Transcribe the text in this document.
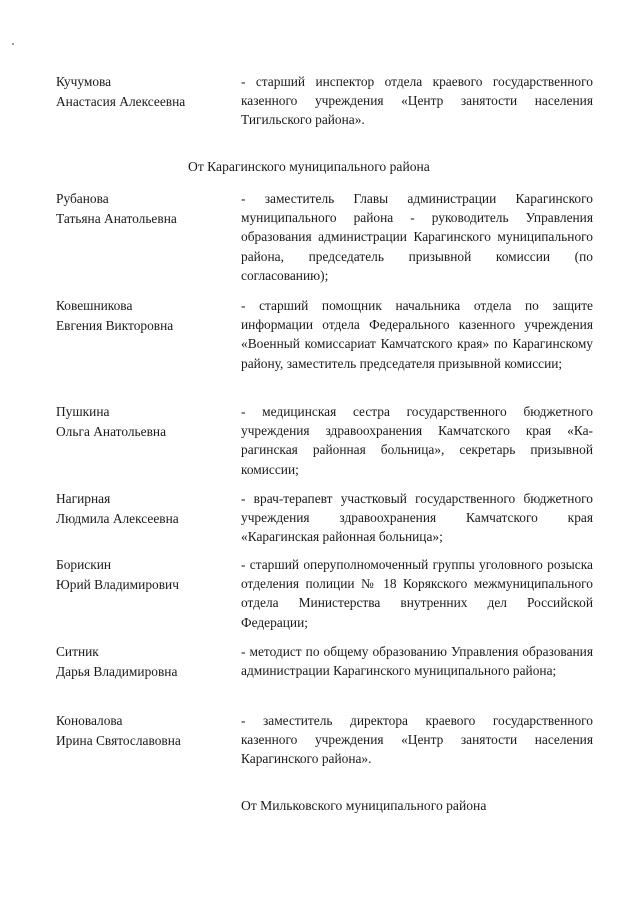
Кучумова
Анастасия Алексеевна
- старший инспектор отдела краевого государственного казенного учреждения «Центр занятости населения Тигильского района».
От Карагинского муниципального района
Рубанова
Татьяна Анатольевна
- заместитель Главы администрации Карагинского муниципального района - руководитель Управления образования администрации Карагинского муниципального района, председатель призывной комиссии (по согласованию);
Ковешникова
Евгения Викторовна
- старший помощник начальника отдела по защите информации отдела Федерального казенного учреждения «Военный комиссариат Камчатского края» по Карагинскому району, заместитель председателя призывной комиссии;
Пушкина
Ольга Анатольевна
- медицинская сестра государственного бюджетного учреждения здравоохранения Камчатского края «Карагинская районная больница», секретарь призывной комиссии;
Нагирная
Людмила Алексеевна
- врач-терапевт участковый государственного бюджетного учреждения здравоохранения Камчатского края «Карагинская районная больница»;
Борискин
Юрий Владимирович
- старший оперуполномоченный группы уголовного розыска отделения полиции № 18 Корякского межмуниципального отдела Министерства внутренних дел Российской Федерации;
Ситник
Дарья Владимировна
- методист по общему образованию Управления образования администрации Карагинского муниципального района;
Коновалова
Ирина Святославовна
- заместитель директора краевого государственного казенного учреждения «Центр занятости населения Карагинского района».
От Мильковского муниципального района
